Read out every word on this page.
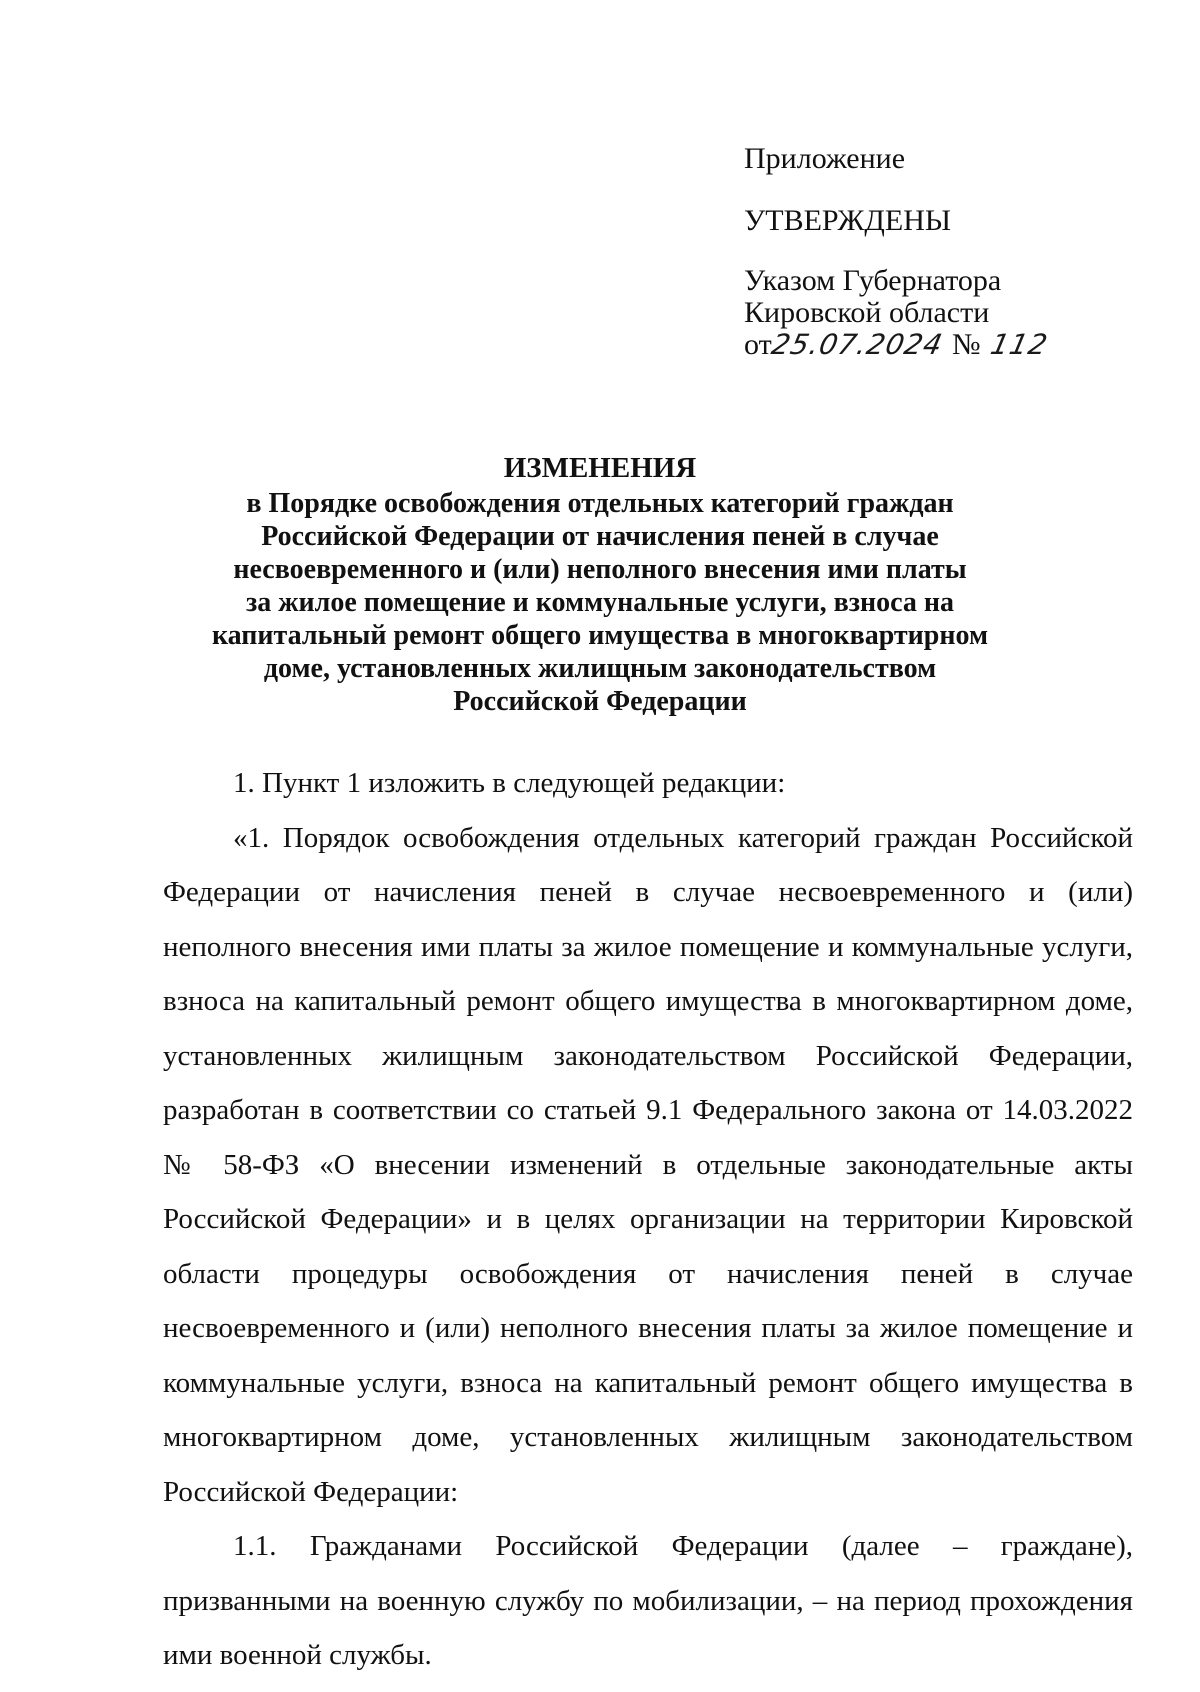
Приложение
УТВЕРЖДЕНЫ
Указом Губернатора
Кировской области
от
25.07.2024 № 112
ИЗМЕНЕНИЯ
в Порядке освобождения отдельных категорий граждан
Российской Федерации от начисления пеней в случае
несвоевременного и (или) неполного внесения ими платы
за жилое помещение и коммунальные услуги, взноса на
капитальный ремонт общего имущества в многоквартирном
доме, установленных жилищным законодательством
Российской Федерации

1. Пункт 1 изложить в следующей редакции:

«1. Порядок освобождения отдельных категорий граждан Российской Федерации от начисления пеней в случае несвоевременного и (или) неполного внесения ими платы за жилое помещение и коммунальные услуги, взноса на капитальный ремонт общего имущества в многоквартирном доме, установленных жилищным законодательством Российской Федерации, разработан в соответствии со статьей 9.1 Федерального закона от 14.03.2022 № 58-ФЗ «О внесении изменений в отдельные законодательные акты Российской Федерации» и в целях организации на территории Кировской области процедуры освобождения от начисления пеней в случае несвоевременного и (или) неполного внесения платы за жилое помещение и коммунальные услуги, взноса на капитальный ремонт общего имущества в многоквартирном доме, установленных жилищным законодательством Российской Федерации:

1.1. Гражданами Российской Федерации (далее – граждане), призванными на военную службу по мобилизации, – на период прохождения ими военной службы.
